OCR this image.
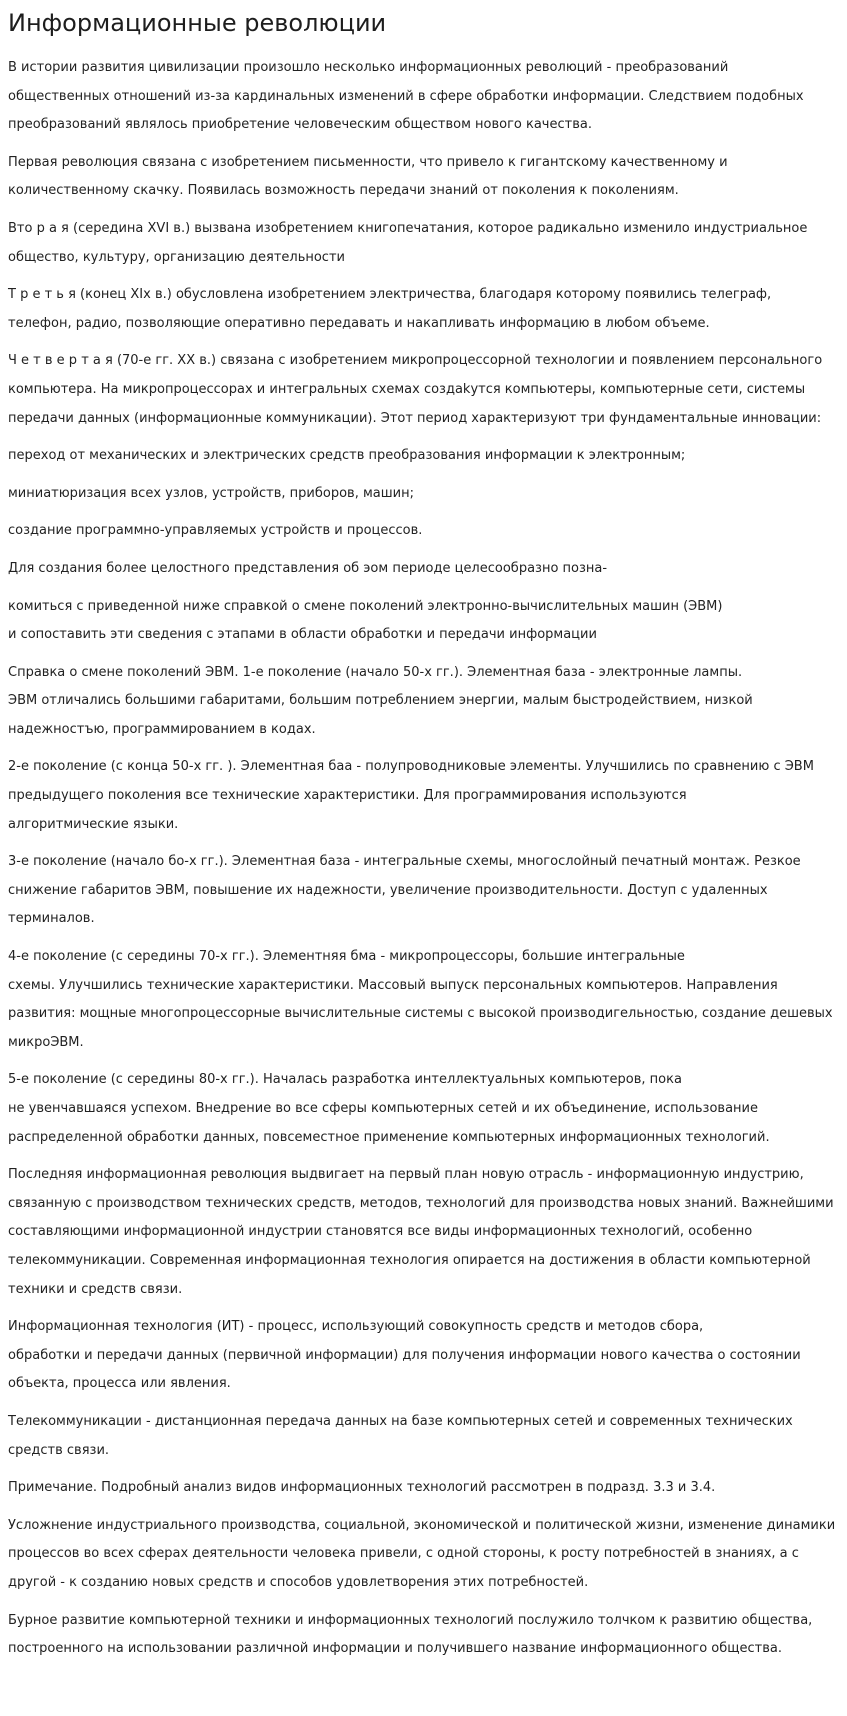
Информационные революции

В истории развития цивилизации произошло несколько информационных революций - преобразований
общественных отношений из-за кардинальных изменений в сфере обработки информации. Следствием подобных
преобразований являлось приобретение человеческим обществом нового качества.

Первая революция связана с изобретением письменности, что привело к гигантскому качественному и
количественному скачку. Появилась возможность передачи знаний от поколения к поколениям.

Вто р а я (середина XVI в.) вызвана изобретением книгопечатания, которое радикально изменило индустриальное
общество, культуру, организацию деятельности

Т р е т ь я (конец XIx в.) обусловлена изобретением электричества, благодаря которому появились телеграф,
телефон, радио, позволяющие оперативно передавать и накапливать информацию в любом объеме.

Ч е т в е р т а я (70-е гг. XX в.) связана с изобретением микропроцессорной технологии и появлением персонального
компьютера. На микропроцессорах и интегральных схемах создаkутся компьютеры, компьютерные сети, системы
передачи данных (информационные коммуникации). Этот период характеризуют три фундаментальные инновации:

переход от механических и электрических средств преобразования информации к электронным;

миниатюризация всех узлов, устройств, приборов, машин;

создание программно-управляемых устройств и процессов.

Для создания более целостного представления об эом периоде целесообразно позна-

комиться с приведенной ниже справкой о смене поколений электронно-вычислительных машин (ЭВМ)
и сопоставить эти сведения с этапами в области обработки и передачи информации

Справка о смене поколений ЭВМ. 1-е поколение (начало 50-х гг.). Элементная база - электронные лампы.
ЭВМ отличались большими габаритами, большим потреблением энергии, малым быстродействием, низкой
надежностъю, программированием в кодах.

2-е поколение (с конца 50-х гг. ). Элементная баа - полупроводниковые элементы. Улучшились по сравнению с ЭВМ
предыдущего поколения все технические характеристики. Для программирования используются
алгоритмические языки.

3-е поколение (начало бо-х гг.). Элементная база - интегральные схемы, многослойный печатный монтаж. Резкое
снижение габаритов ЭВМ, повышение их надежности, увеличение производительности. Доступ с удаленных
терминалов.

4-е поколение (с середины 70-х гг.). Элементняя бма - микропроцессоры, большие интегральные
схемы. Улучшились технические характеристики. Массовый выпуск персональных компьютеров. Направления
развития: мощные многопроцессорные вычислительные системы с высокой производигельностью, создание дешевых
микроЭВМ.

5-е поколение (с середины 80-х гг.). Началась разработка интеллектуальных компьютеров, пока
не увенчавшаяся успехом. Внедрение во все сферы компьютерных сетей и их объединение, использование
распределенной обработки данных, повсеместное применение компьютерных информационных технологий.

Последняя информационная революция выдвигает на первый план новую отрасль - информационную индустрию,
связанную с производством технических средств, методов, технологий для производства новых знаний. Важнейшими
составляющими информационной индустрии становятся все виды информационных технологий, особенно
телекоммуникации. Современная информационная технология опирается на достижения в области компьютерной
техники и средств связи.

Информационная технология (ИТ) - процесс, использующий совокупность средств и методов сбора,
обработки и передачи данных (первичной информации) для получения информации нового качества о состоянии
объекта, процесса или явления.

Телекоммуникации - дистанционная передача данных на базе компьютерных сетей и современных технических
средств связи.

Примечание. Подробный анализ видов информационных технологий рассмотрен в подразд. 3.3 и 3.4.

Усложнение индустриального производства, социальной, экономической и политической жизни, изменение динамики
процессов во всех сферах деятельности человека привели, с одной стороны, к росту потребностей в знаниях, а с
другой - к созданию новых средств и способов удовлетворения этих потребностей.

Бурное развитие компьютерной техники и информационных технологий послужило толчком к развитию общества,
построенного на использовании различной информации и получившего название информационного общества.
